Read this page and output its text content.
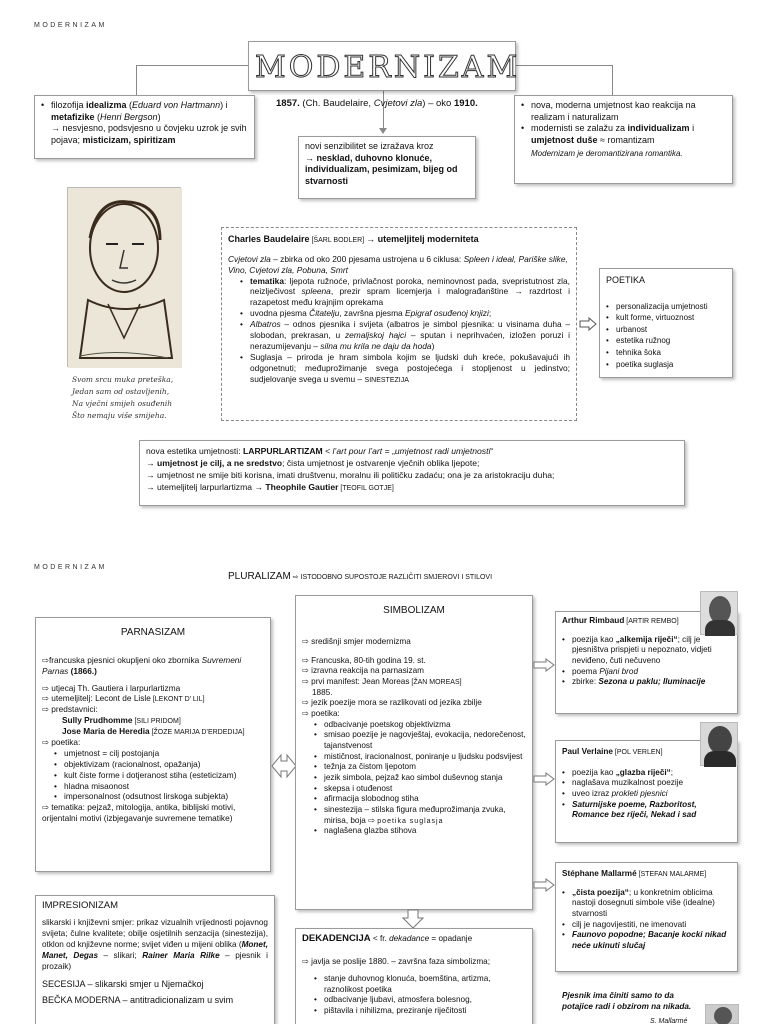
MODERNIZAM
MODERNIZAM
• filozofija idealizma (Eduard von Hartmann) i metafizike (Henri Bergson)
→ nesvjesno, podsvjesno u čovjeku uzrok je svih pojava; misticizam, spiritizam
1857. (Ch. Baudelaire, Cvjetovi zla) – oko 1910.
•	nova, moderna umjetnost kao reakcija na realizam i naturalizam
• modernisti se zalažu za individualizam i umjetnost duše ≈ romantizam
Modernizam je deromantizirana romantika.
novi senzibilitet se izražava kroz
→ nesklad, duhovno klonuće, individualizam, pesimizam, bijeg od stvarnosti
Svom srcu muka preteška,
Jedan sam od ostavljenih,
Na vječni smijeh osuđenih
Što nemaju više smijeha.
Charles Baudelaire [ŠARL BODLER] → utemeljitelj moderniteta
Cvjetovi zla – zbirka od oko 200 pjesama ustrojena u 6 ciklusa: Spleen i ideal, Pariške slike, Vino, Cvjetovi zla, Pobuna, Smrt
• tematika: ljepota ružnoće, privlačnost poroka, neminovnost pada, svepristutnost zla, neizlječivost spleena, prezir spram licemjerja i malograđanštine → razdrtost i razapetost među krajnjim oprekama
• uvodna pjesma Čitatelju, završna pjesma Epigraf osuđenoj knjizi;
• Albatros – odnos pjesnika i svijeta (albatros je simbol pjesnika: u visinama duha – slobodan, prekrasan, u zemaljskoj hajci – sputan i neprihvaćen, izložen poruzi i nerazumijevanju – silna mu krila ne daju da hoda)
• Suglasja – priroda je hram simbola kojim se ljudski duh kreće, pokušavajući ih odgonetnuti; međuprožimanje svega postojećega i stopljenost u jedinstvo; sudjelovanje svega u svemu – SINESTEZIJA
POETIKA
• personalizacija umjetnosti
• kult forme, virtuoznost
• urbanost
• estetika ružnog
• tehnika šoka
• poetika suglasja
nova estetika umjetnosti: LARPURLARTIZAM < l’art pour l’art = „umjetnost radi umjetnosti“
→ umjetnost je cilj, a ne sredstvo; čista umjetnost je ostvarenje vječnih oblika ljepote;
→ umjetnost ne smije biti korisna, imati društvenu, moralnu ili političku zadaću; ona je za aristokraciju duha;
→ utemeljitelj larpurlartizma → Theophile Gautier [TEOFIL GOTJE]
MODERNIZAM
PLURALIZAM ⇨ ISTODOBNO SUPOSTOJE RAZLIČITI SMJEROVI I STILOVI
PARNASIZAM
⇨francuska pjesnici okupljeni oko zbornika Suvremeni Parnas (1866.)
⇨ utjecaj Th. Gautiera i larpurlartizma
⇨ utemeljitelj: Lecont de Lisle [LEKONT D’ LIL]
⇨ predstavnici:
Sully Prudhomme [SILI PRIDOM]
Jose Maria de Heredia [ŽOZE MARIJA D’ERDEDIJA]
⇨ poetika:
• umjetnost = cilj postojanja
• objektivizam (racionalnost, opažanja)
• kult čiste forme i dotjeranost stiha (esteticizam)
• hladna misaonost
• impersonalnost (odsutnost lirskoga subjekta)
⇨ tematika: pejzaž, mitologija, antika, biblijski motivi, orijentalni motivi (izbjegavanje suvremene tematike)
SIMBOLIZAM
⇨ središnji smjer modernizma
⇨ Francuska, 80-tih godina 19. st.
⇨ izravna reakcija na parnasizam
⇨ prvi manifest: Jean Moreas [ŽAN MOREAS]
1885.
⇨ jezik poezije mora se razlikovati od jezika zbilje
⇨ poetika:
• odbacivanje poetskog objektivizma
• smisao poezije je nagovještaj, evokacija, nedorečenost, tajanstvenost
• mističnost, iracionalnost, poniranje u ljudsku podsvijest
• težnja za čistom ljepotom
• jezik simbola, pejzaž kao simbol duševnog stanja
• skepsa i otuđenost
• afirmacija slobodnog stiha
• sinestezija – stilska figura međuprožimanja zvuka, mirisa, boja ⇨ poetika suglasja
• naglašena glazba stihova
Arthur Rimbaud [ARTIR REMBO]
• poezija kao „alkemija riječi“; cilj je pjesništva prispjeti u nepoznato, vidjeti neviđeno, čuti nečuveno
• poema Pijani brod
• zbirke: Sezona u paklu; Iluminacije
Paul Verlaine [POL VERLEN]
• poezija kao „glazba riječi“;
• naglašava muzikalnost poezije
• uveo izraz prokleti pjesnici
• Saturnijske poeme, Razboritost, Romance bez riječi, Nekad i sad
Stéphane Mallarmé [STEFAN MALARME]
• „čista poezija“; u konkretnim oblicima nastoji dosegnuti simbole više (idealne) stvarnosti
• cilj je nagovijestiti, ne imenovati
• Faunovo popodne; Bacanje kocki nikad neće ukinuti slučaj
Pjesnik ima činiti samo to da potajice radi i obzirom na nikada.
S. Mallarmé
IMPRESIONIZAM
slikarski i književni smjer: prikaz vizualnih vrijednosti pojavnog svijeta; čulne kvalitete; obilje osjetilnih senzacija (sinestezija), otklon od književne norme; svijet viđen u mijeni oblika (Monet, Manet, Degas – slikari; Rainer Maria Rilke – pjesnik i prozaik)
SECESIJA – slikarski smjer u Njemačkoj
BEČKA MODERNA – antitradicionalizam u svim
DEKADENCIJA < fr. dekadance = opadanje
⇨ javlja se poslije 1880. – završna faza simbolizma;
• stanje duhovnog klonuća, boemština, artizma, raznolikost poetika
• odbacivanje ljubavi, atmosfera bolesnog,
• pištavila i nihilizma, preziranje riječitosti
